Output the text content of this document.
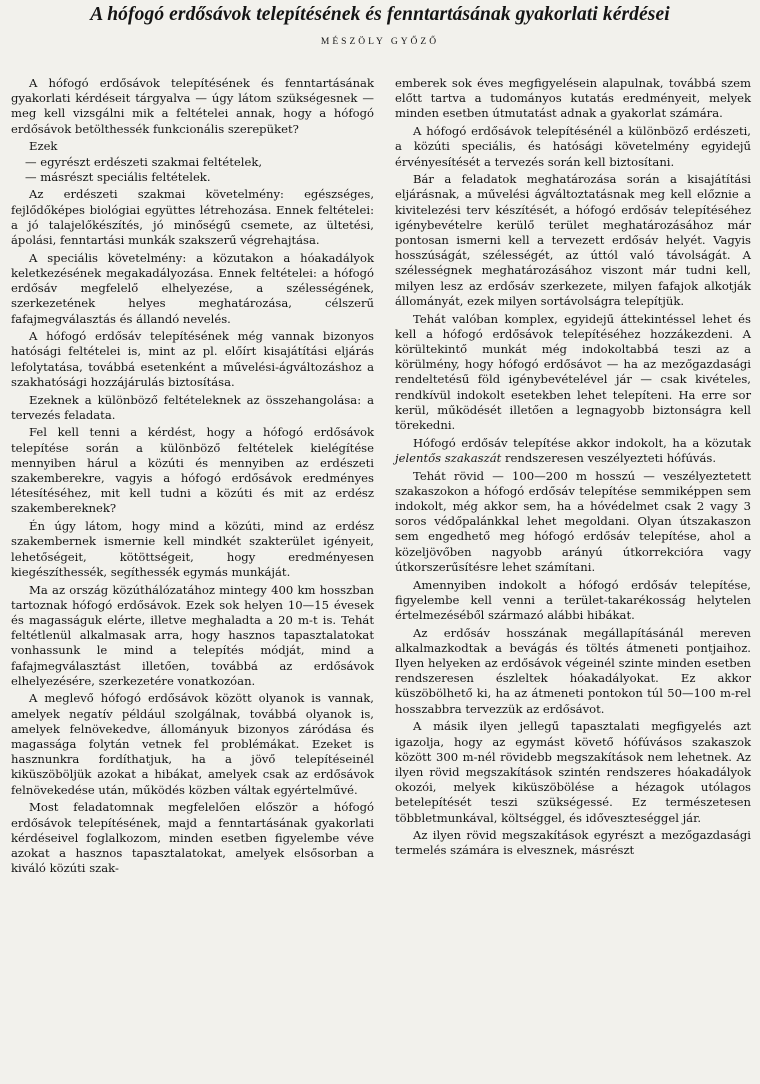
A hófogó erdősávok telepítésének és fenntartásának gyakorlati kérdései
MÉSZÖLY GYŐZŐ

A hófogó erdősávok telepítésének és fenntartásának gyakorlati kérdéseit tárgyalva — úgy látom szükségesnek — meg kell vizsgálni mik a feltételei annak, hogy a hófogó erdősávok betölthessék funkcionális szerepüket?

Ezek

— egyrészt erdészeti szakmai feltételek,

— másrészt speciális feltételek.

Az erdészeti szakmai követelmény: egészséges, fejlődőképes biológiai együttes létrehozása. Ennek feltételei: a jó talajelőkészítés, jó minőségű csemete, az ültetési, ápolási, fenntartási munkák szakszerű végrehajtása.

A speciális követelmény: a közutakon a hóakadályok keletkezésének megakadályozása. Ennek feltételei: a hófogó erdősáv megfelelő elhelyezése, a szélességének, szerkezetének helyes meghatározása, célszerű fafajmegválasztás és állandó nevelés.

A hófogó erdősáv telepítésének még vannak bizonyos hatósági feltételei is, mint az pl. előírt kisajátítási eljárás lefolytatása, továbbá esetenként a művelési-ágváltozáshoz a szakhatósági hozzájárulás biztosítása.

Ezeknek a különböző feltételeknek az összehangolása: a tervezés feladata.

Fel kell tenni a kérdést, hogy a hófogó erdősávok telepítése során a különböző feltételek kielégítése mennyiben hárul a közúti és mennyiben az erdészeti szakemberekre, vagyis a hófogó erdősávok eredményes létesítéséhez, mit kell tudni a közúti és mit az erdész szakembereknek?

Én úgy látom, hogy mind a közúti, mind az erdész szakembernek ismernie kell mindkét szakterület igényeit, lehetőségeit, kötöttségeit, hogy eredményesen kiegészíthessék, segíthessék egymás munkáját.

Ma az ország közúthálózatához mintegy 400 km hosszban tartoznak hófogó erdősávok. Ezek sok helyen 10—15 évesek és magasságuk elérte, illetve meghaladta a 20 m-t is. Tehát feltétlenül alkalmasak arra, hogy hasznos tapasztalatokat vonhassunk le mind a telepítés módját, mind a fafajmegválasztást illetően, továbbá az erdősávok elhelyezésére, szerkezetére vonatkozóan.

A meglevő hófogó erdősávok között olyanok is vannak, amelyek negatív például szolgálnak, továbbá olyanok is, amelyek felnövekedve, állományuk bizonyos záródása és magassága folytán vetnek fel problémákat. Ezeket is hasznunkra fordíthatjuk, ha a jövő telepítéseinél kiküszöböljük azokat a hibákat, amelyek csak az erdősávok felnövekedése után, működés közben váltak egyértelművé.

Most feladatomnak megfelelően először a hófogó erdősávok telepítésének, majd a fenntartásának gyakorlati kérdéseivel foglalkozom, minden esetben figyelembe véve azokat a hasznos tapasztalatokat, amelyek elsősorban a kiváló közúti szak-

emberek sok éves megfigyelésein alapulnak, továbbá szem előtt tartva a tudományos kutatás eredményeit, melyek minden esetben útmutatást adnak a gyakorlat számára.

A hófogó erdősávok telepítésénél a különböző erdészeti, a közúti speciális, és hatósági követelmény egyidejű érvényesítését a tervezés során kell biztosítani.

Bár a feladatok meghatározása során a kisajátítási eljárásnak, a művelési ágváltoztatásnak meg kell előznie a kivitelezési terv készítését, a hófogó erdősáv telepítéséhez igénybevételre kerülő terület meghatározásához már pontosan ismerni kell a tervezett erdősáv helyét. Vagyis hosszúságát, szélességét, az úttól való távolságát. A szélességnek meghatározásához viszont már tudni kell, milyen lesz az erdősáv szerkezete, milyen fafajok alkotják állományát, ezek milyen sortávolságra telepítjük.

Tehát valóban komplex, egyidejű áttekintéssel lehet és kell a hófogó erdősávok telepítéséhez hozzákezdeni. A körültekintő munkát még indokoltabbá teszi az a körülmény, hogy hófogó erdősávot — ha az mezőgazdasági rendeltetésű föld igénybevételével jár — csak kivételes, rendkívül indokolt esetekben lehet telepíteni. Ha erre sor kerül, működését illetően a legnagyobb biztonságra kell törekedni.

Hófogó erdősáv telepítése akkor indokolt, ha a közutak jelentős szakaszát rendszeresen veszélyezteti hófúvás.

Tehát rövid — 100—200 m hosszú — veszélyeztetett szakaszokon a hófogó erdősáv telepítése semmiképpen sem indokolt, még akkor sem, ha a hóvédelmet csak 2 vagy 3 soros védőpalánkkal lehet megoldani. Olyan útszakaszon sem engedhető meg hófogó erdősáv telepítése, ahol a közeljövőben nagyobb arányú útkorrekcióra vagy útkorszerűsítésre lehet számítani.

Amennyiben indokolt a hófogó erdősáv telepítése, figyelembe kell venni a terület-takarékosság helytelen értelmezéséből származó alábbi hibákat.

Az erdősáv hosszának megállapításánál mereven alkalmazkodtak a bevágás és töltés átmeneti pontjaihoz. Ilyen helyeken az erdősávok végeinél szinte minden esetben rendszeresen észleltek hóakadályokat. Ez akkor küszöbölhető ki, ha az átmeneti pontokon túl 50—100 m-rel hosszabbra tervezzük az erdősávot.

A másik ilyen jellegű tapasztalati megfigyelés azt igazolja, hogy az egymást követő hófúvásos szakaszok között 300 m-nél rövidebb megszakítások nem lehetnek. Az ilyen rövid megszakítások szintén rendszeres hóakadályok okozói, melyek kiküszöbölése a hézagok utólagos betelepítését teszi szükségessé. Ez természetesen többletmunkával, költséggel, és időveszteséggel jár.

Az ilyen rövid megszakítások egyrészt a mezőgazdasági termelés számára is elvesznek, másrészt
